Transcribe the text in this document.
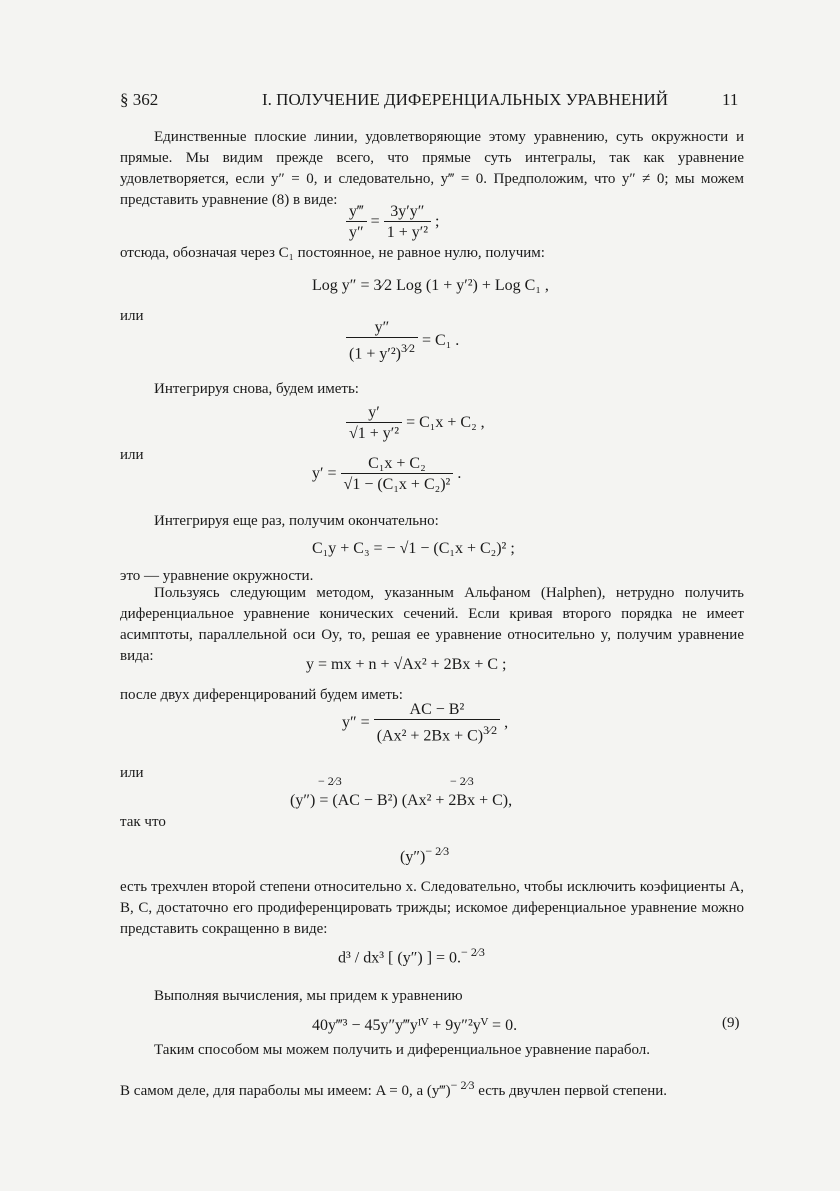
§ 362	I. ПОЛУЧЕНИЕ ДИФЕРЕНЦИАЛЬНЫХ УРАВНЕНИЙ	11
Единственные плоские линии, удовлетворяющие этому уравнению, суть окружности и прямые. Мы видим прежде всего, что прямые суть интегралы, так как уравнение удовлетворяется, если y″ = 0, и следовательно, y‴ = 0. Предположим, что y″ ≠ 0; мы можем представить уравнение (8) в виде:
$\frac{y‴}{y''} = \frac{3y'y''}{\text{1 + y′²}}$ ;
отсюда, обозначая через C₁ постоянное, не равное нулю, получим:
Log y″ = 3⁄2 Log (1 + y′²) + Log C₁ ,
или
$\frac{y''}{(1 + y'^2)^{3⁄2}} = C_1$ .
Интегрируя снова, будем иметь:
$\frac{y'}{\text{√1 + y′²}} = C_1x + C_2$ ,
или
$y' = \frac{\text{C₁x + C₂}}{\text{√1 − (C₁x + C₂)²}}$ .
Интегрируя еще раз, получим окончательно:
C₁y + C₃ = − √1 − (C₁x + C₂)² ;
это — уравнение окружности.
Пользуясь следующим методом, указанным Альфаном (Halphen), нетрудно получить диференциальное уравнение конических сечений. Если кривая второго порядка не имеет асимптоты, параллельной оси Oy, то, решая ее уравнение относительно y, получим уравнение вида:	y = mx + n + √Ax² + 2Bx + C ;
после двух диференцирований будем иметь:
$y'' = \frac{\text{AC − B²}}{(Ax^2 + 2Bx + C)^{3⁄2}}$ ,
или
(y″) = (AC − B²) (Ax² + 2Bx + C),
− 2⁄3	− 2⁄3
так что
$(y'')^{- 2⁄3}$
есть трехчлен второй степени относительно x. Следовательно, чтобы исключить коэфициенты A, B, C, достаточно его продиференцировать трижды; искомое диференциальное уравнение можно представить сокращенно в виде:
d³ / dx³ [ (y″) ] = 0.$^{- 2⁄3}$
Выполняя вычисления, мы придем к уравнению
40y‴³ − 45y″y‴yᴵⱽ + 9y″²yⱽ = 0.	(9)
Таким способом мы можем получить и диференциальное уравнение парабол.
В самом деле, для параболы мы имеем: A = 0, а (y‴)$^{- 2⁄3}$ есть двучлен первой степени.
